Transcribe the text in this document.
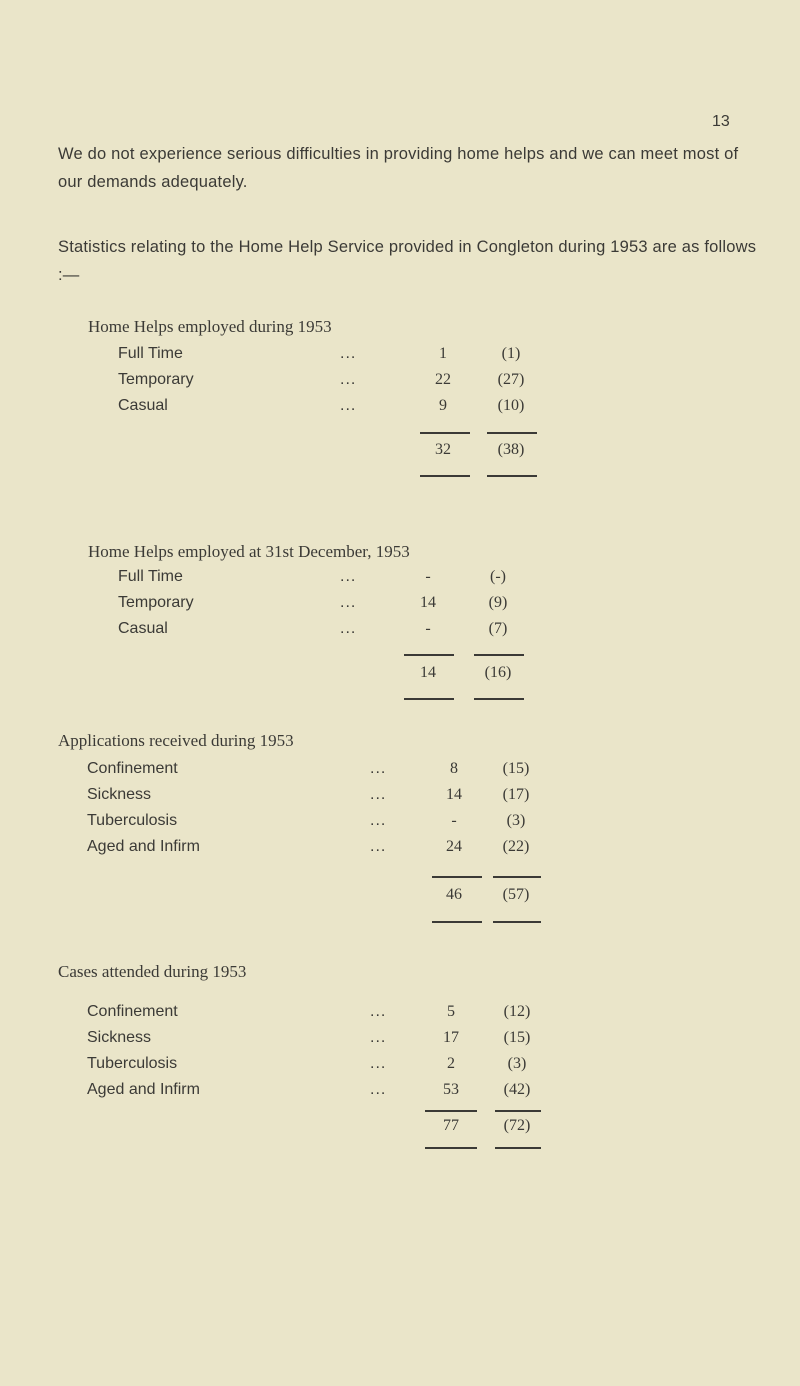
13

We do not experience serious difficulties in providing home helps and we can meet most of our demands adequately.

Statistics relating to the Home Help Service provided in Congleton during 1953 are as follows :—

Home Helps employed during 1953
Full Time	...	1	(1)
Temporary	...	22	(27)
Casual	...	9	(10)
32	(38)
Home Helps employed at 31st December, 1953
Full Time	...	-	(-)
Temporary	...	14	(9)
Casual	...	-	(7)
14	(16)
Applications received during 1953
Confinement	...	8	(15)
Sickness	...	14	(17)
Tuberculosis	...	-	(3)
Aged and Infirm	...	24	(22)
46	(57)
Cases attended during 1953
Confinement	...	5	(12)
Sickness	...	17	(15)
Tuberculosis	...	2	(3)
Aged and Infirm	...	53	(42)
77	(72)
